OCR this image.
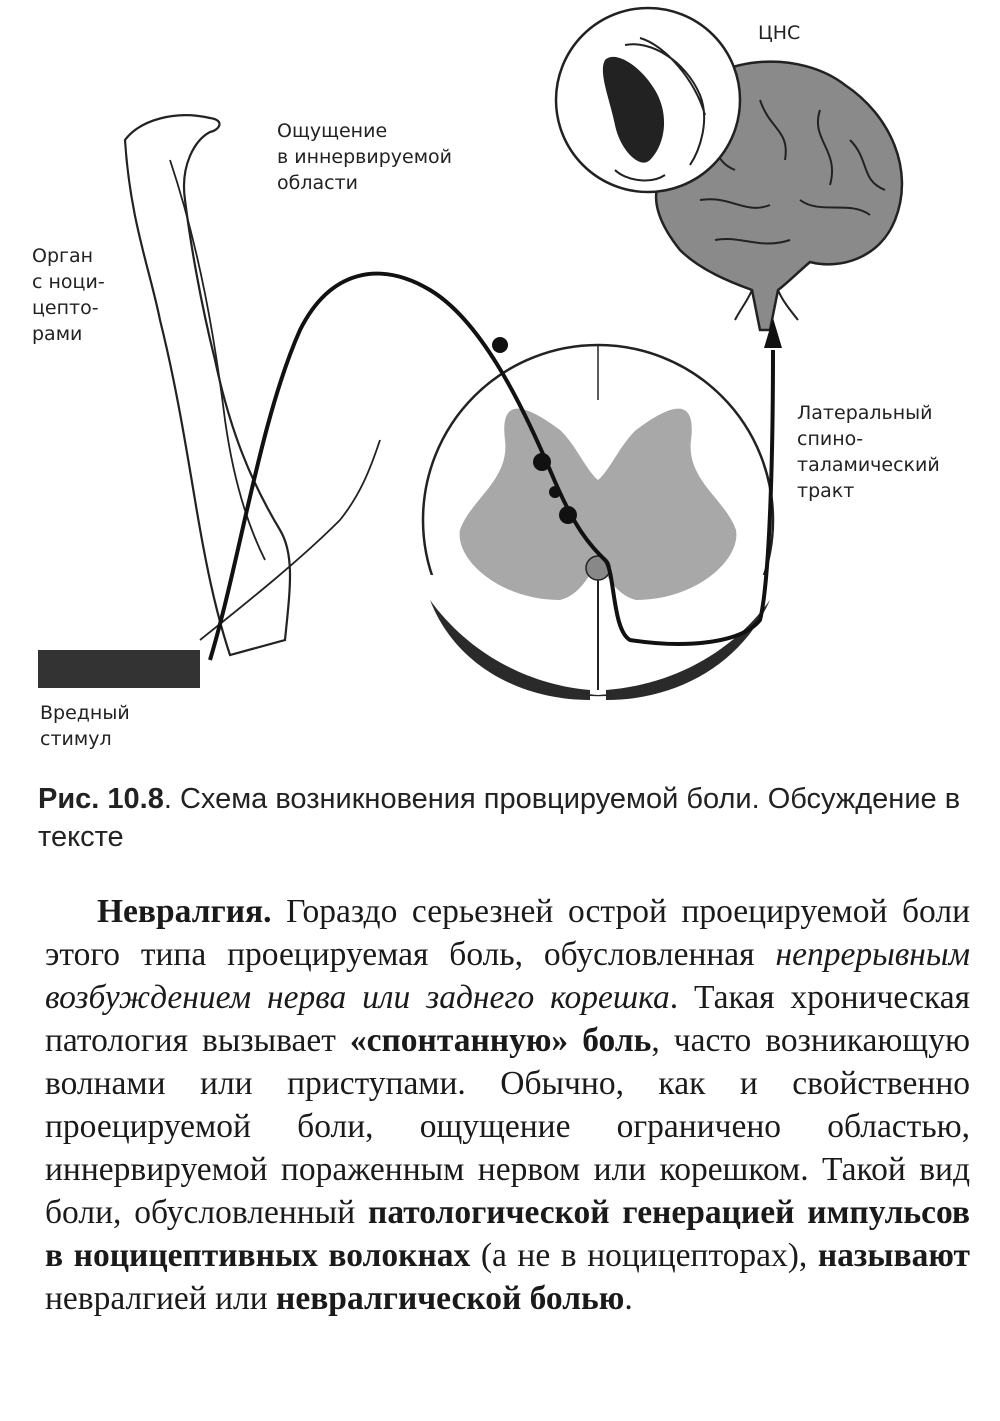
ЦНС
Ощущение
в иннервируемой
области
Орган
с ноци-
цепто-
рами
Латеральный
спино-
таламический
тракт
Вредный
стимул
Рис. 10.8. Схема возникновения провцируемой боли. Обсуждение в тексте

Невралгия. Гораздо серьезней острой проецируемой боли этого типа проецируемая боль, обусловленная непрерывным возбуждением нерва или заднего корешка. Такая хроническая патология вызывает «спонтанную» боль, часто возникающую волнами или приступами. Обычно, как и свойственно проецируемой боли, ощущение ограничено областью, иннервируемой пораженным нервом или корешком. Такой вид боли, обусловленный патологической генерацией импульсов в ноцицептивных волокнах (а не в ноцицепторах), называют невралгией или невралгической болью.
